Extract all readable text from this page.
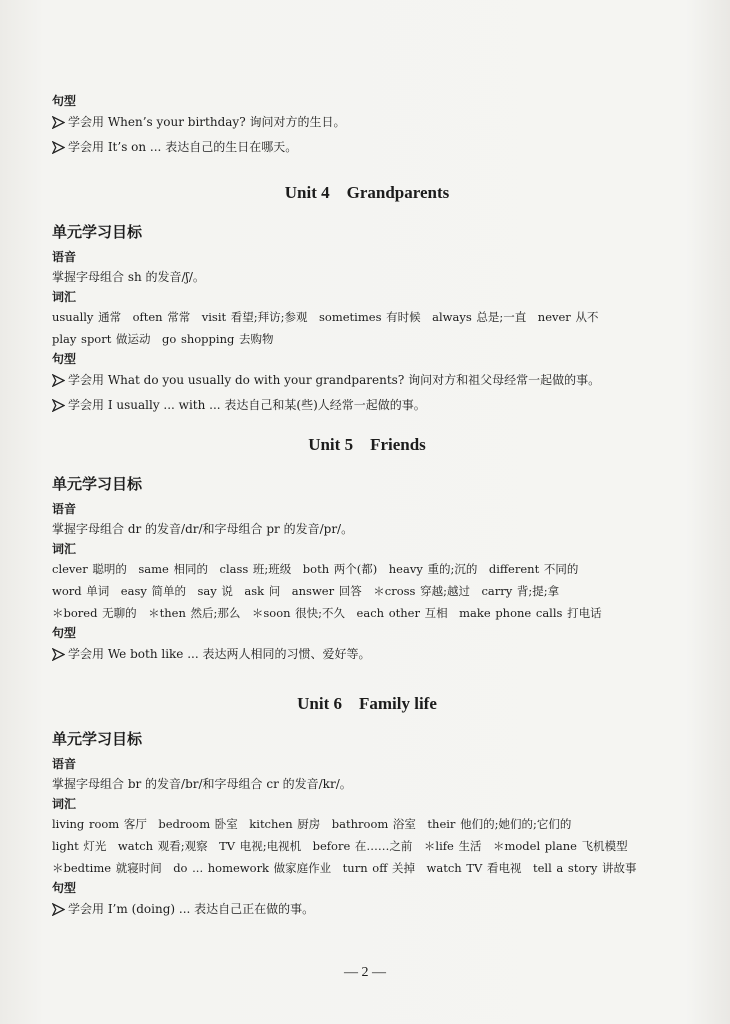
句型

学会用 When’s your birthday? 询问对方的生日。

学会用 It’s on ... 表达自己的生日在哪天。

Unit 4　Grandparents

单元学习目标

语音

掌握字母组合 sh 的发音/ʃ/。

词汇

usually 通常　often 常常　visit 看望;拜访;参观　sometimes 有时候　always 总是;一直　never 从不

play sport 做运动　go shopping 去购物

句型

学会用 What do you usually do with your grandparents? 询问对方和祖父母经常一起做的事。

学会用 I usually ... with ... 表达自己和某(些)人经常一起做的事。

Unit 5　Friends

单元学习目标

语音

掌握字母组合 dr 的发音/dr/和字母组合 pr 的发音/pr/。

词汇

clever 聪明的　same 相同的　class 班;班级　both 两个(都)　heavy 重的;沉的　different 不同的

word 单词　easy 简单的　say 说　ask 问　answer 回答　＊cross 穿越;越过　carry 背;提;拿

＊bored 无聊的　＊then 然后;那么　＊soon 很快;不久　each other 互相　make phone calls 打电话

句型

学会用 We both like ... 表达两人相同的习惯、爱好等。

Unit 6　Family life

单元学习目标

语音

掌握字母组合 br 的发音/br/和字母组合 cr 的发音/kr/。

词汇

living room 客厅　bedroom 卧室　kitchen 厨房　bathroom 浴室　their 他们的;她们的;它们的

light 灯光　watch 观看;观察　TV 电视;电视机　before 在……之前　＊life 生活　＊model plane 飞机模型

＊bedtime 就寝时间　do ... homework 做家庭作业　turn off 关掉　watch TV 看电视　tell a story 讲故事

句型

学会用 I’m (doing) ... 表达自己正在做的事。

— 2 —
